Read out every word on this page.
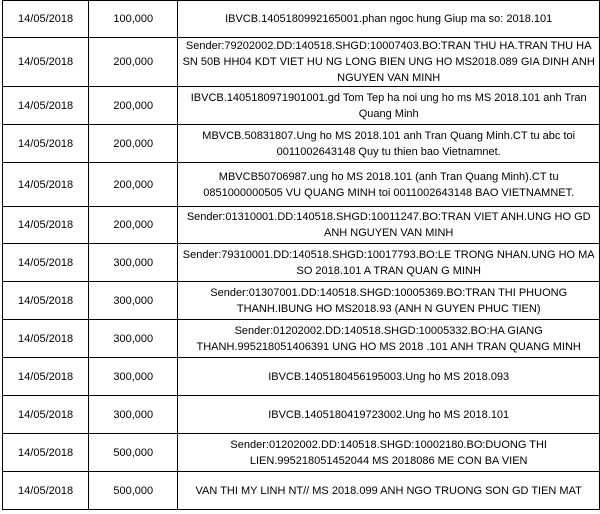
14/05/2018	100,000	IBVCB.1405180992165001.phan ngoc hung Giup ma so: 2018.101
14/05/2018	200,000	Sender:79202002.DD:140518.SHGD:10007403.BO:TRAN THU HA.TRAN THU HA SN 50B HH04 KDT VIET HU NG LONG BIEN UNG HO MS2018.089 GIA DINH ANH NGUYEN VAN MINH
14/05/2018	200,000	IBVCB.1405180971901001.gd Tom Tep ha noi ung ho ms MS 2018.101 anh Tran Quang Minh
14/05/2018	200,000	MBVCB.50831807.Ung ho MS 2018.101 anh Tran Quang Minh.CT tu abc toi 0011002643148 Quy tu thien bao Vietnamnet.
14/05/2018	200,000	MBVCB50706987.ung ho MS 2018.101 (anh Tran Quang Minh).CT tu 0851000000505 VU QUANG MINH toi 0011002643148 BAO VIETNAMNET.
14/05/2018	200,000	Sender:01310001.DD:140518.SHGD:10011247.BO:TRAN VIET ANH.UNG HO GD ANH NGUYEN VAN MINH
14/05/2018	300,000	Sender:79310001.DD:140518.SHGD:10017793.BO:LE TRONG NHAN.UNG HO MA SO 2018.101 A TRAN QUAN G MINH
14/05/2018	300,000	Sender:01307001.DD:140518.SHGD:10005369.BO:TRAN THI PHUONG THANH.IBUNG HO MS2018.93 (ANH N GUYEN PHUC TIEN)
14/05/2018	300,000	Sender:01202002.DD:140518.SHGD:10005332.BO:HA GIANG THANH.995218051406391 UNG HO MS 2018 .101 ANH TRAN QUANG MINH
14/05/2018	300,000	IBVCB.1405180456195003.Ung ho MS 2018.093
14/05/2018	300,000	IBVCB.1405180419723002.Ung ho MS 2018.101
14/05/2018	500,000	Sender:01202002.DD:140518.SHGD:10002180.BO:DUONG THI LIEN.995218051452044 MS 2018086 ME CON BA VIEN
14/05/2018	500,000	VAN THI MY LINH NT// MS 2018.099 ANH NGO TRUONG SON GD TIEN MAT
